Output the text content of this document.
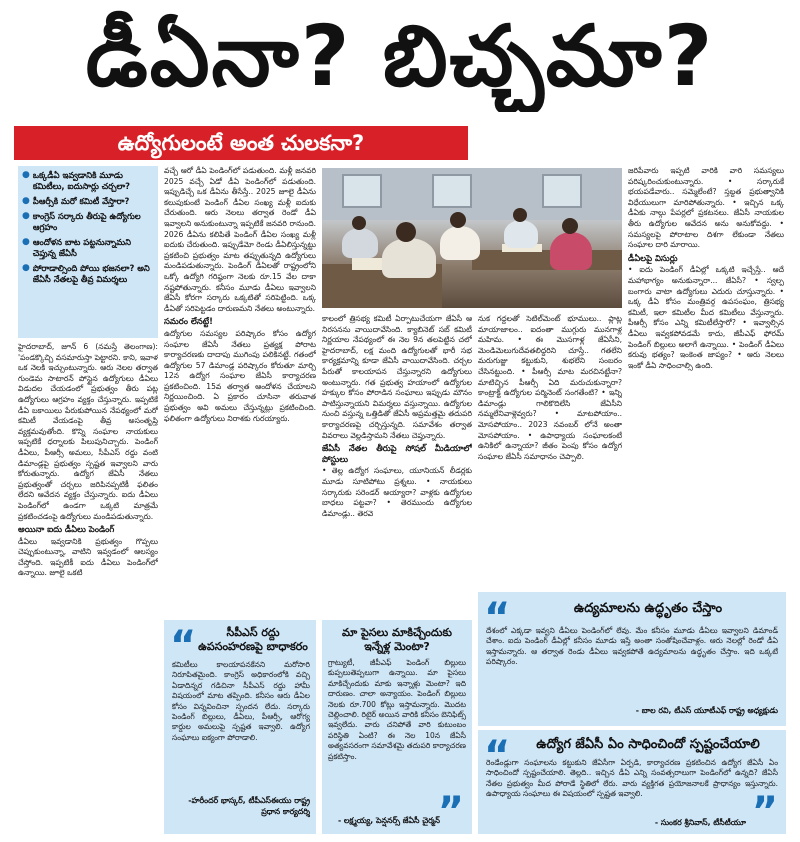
డీఏనా? బిచ్చమా?
ఉద్యోగులంటే అంత చులకనా?
● ఒక్కడీఏ ఇవ్వడానికి మూడు కమిటీలు, ఐదుసార్లు చర్చలా?
● పీఆర్సీకి మరో కమిటీ వేస్తారా?
● కాంగ్రెస్ సర్కారు తీరుపై ఉద్యోగుల ఆగ్రహం
● ఆందోళన బాట పట్టనున్నామని చెప్తున్న జేఏసీ
● పోరాడాల్సింది పోయి భజనలా? అని జేఏసీ నేతలపై తీవ్ర విమర్శలు

హైదరాబాద్, జూన్ 6 (నమస్తే తెలంగాణ): 'పండక్కొచ్చి వసమారుస్తా పెట్టారని. కాని, ఇవాళ ఒక నెలకి ఇచ్చుంటున్నారు. ఆరు నెలల తర్వాత గుండెమ సాటారన్ పోస్టైన ఉద్యోగులు డీఏలు విడుదల చేయడంలో ప్రభుత్వం తీరు పట్ల ఉద్యోగులు ఆగ్రహం వ్యక్తం చేస్తున్నారు. ఇప్పటికే డీఏ బకాయిలు పేరుకుపోయిన నేపథ్యంలో మరో కమిటీ వేయడంపై తీవ్ర అసంతృప్తి వ్యక్తమవుతోంది. కొన్ని సంఘాల నాయకులు ఇప్పటికే ధర్నాలకు పిలుపునిచ్చారు. పెండింగ్ డీఏలు, పీఆర్సీ అమలు, సీపీఎస్ రద్దు వంటి డిమాండ్లపై ప్రభుత్వం స్పష్టత ఇవ్వాలని వారు కోరుతున్నారు. ఉద్యోగ జేఏసీ నేతలు ప్రభుత్వంతో చర్చలు జరిపినప్పటికీ ఫలితం లేదని ఆవేదన వ్యక్తం చేస్తున్నారు. ఐదు డీఏలు పెండింగ్‌లో ఉండగా ఒక్కటి మాత్రమే ప్రకటించడంపై ఉద్యోగులు మండిపడుతున్నారు.

అయినా ఐదు డీఏలు పెండింగ్

డీఏలు ఇవ్వడానికి ప్రభుత్వం గొప్పలు చెప్పుకుంటున్నా, వాటిని ఇవ్వడంలో ఆలస్యం చేస్తోంది. ఇప్పటికీ ఐదు డీఏలు పెండింగ్‌లో ఉన్నాయి. జూలై ఒకటి

వచ్చే ఆరో డీఏ పెండింగ్‌లో పడుతుంది. మళ్లీ జనవరి 2025 వచ్చే ఏడో డీఏ పెండింగ్‌లో పడుతుంది. ఇప్పుడిచ్చే ఒక డీఏను తీసేస్తే.. 2025 జూలై డీఏను కలుపుకుంటే పెండింగ్ డీఏల సంఖ్య మళ్లీ ఐదుకు చేరుతుంది. ఆరు నెలలు తర్వాత రెండో డీఏ ఇవ్వాలని అనుకుంటున్నా ఇప్పటికే జనవరి రానుంది. 2026 డీఏను కలిపితే పెండింగ్ డీఏల సంఖ్య మళ్లీ ఐదుకు చేరుతుంది. ఇప్పుడేమో రెండు డీఏలిస్తున్నట్టు ప్రకటించి ప్రభుత్వం మాట తప్పుతున్నది ఉద్యోగులు మండిపడుతున్నారు. పెండింగ్ డీఏలతో రాష్ట్రంలోని ఒక్కో ఉద్యోగి గరిష్ఠంగా నెలకు రూ.15 వేల దాకా నష్టపోతున్నారు. కనీసం మూడు డీఏలు ఇవ్వాలని జేఏసీ కోరగా సర్కారు ఒక్కటితో సరిపెట్టింది. ఒక్క డీఏతో సరిపెట్టడం దారుణమని నేతలు అంటున్నారు.

సమరం లేనట్టే!

ఉద్యోగుల సమస్యల పరిష్కారం కోసం ఉద్యోగ సంఘాల జేఏసీ నేతలు ప్రత్యక్ష పోరాట కార్యాచరణకు దాదాపు ముగింపు పలికినట్టే. గతంలో ఉద్యోగుల 57 డిమాండ్ల పరిష్కారం కోరుతూ మార్చి 12న ఉద్యోగ సంఘాల జేఏసీ కార్యాచరణ ప్రకటించింది. 15వ తర్వాత ఆందోళన చేయాలని నిర్ణయించింది. ఏ ప్రకారం చూసినా తరువాత ప్రభుత్వం అవి అమలు చేస్తున్నట్లు ప్రకటించింది. ఫలితంగా ఉద్యోగులు నిరాశకు గురయ్యారు.

కాలంలో త్రిసభ్య కమిటీ ఏర్పాటుచేయగా జేఏసీ ఆ నిరసనను వాయిదావేసింది. క్యాబినెట్ సబ్ కమిటీ నిర్ణయాల నేపథ్యంలో ఈ నెల 9న తలపెట్టిన చలో హైదరాబాద్, లక్ష మంది ఉద్యోగులతో భారీ సభ కార్యక్రమాన్ని కూడా జేఏసీ వాయిదావేసింది. చర్చల పేరుతో కాలయాపన చేస్తున్నారని ఉద్యోగులు అంటున్నారు. గత ప్రభుత్వ హయాంలో ఉద్యోగుల హక్కుల కోసం పోరాడిన సంఘాలు ఇప్పుడు మౌనం పాటిస్తున్నాయని విమర్శలు వస్తున్నాయి. ఉద్యోగుల నుంచి వస్తున్న ఒత్తిడితో జేఏసీ అప్రమత్తమై తదుపరి కార్యాచరణపై చర్చిస్తున్నది. సమావేశం తర్వాత వివరాలు వెల్లడిస్తామని నేతలు చెప్తున్నారు.

జేఏసీ నేతల తీరుపై సోషల్ మీడియాలో పోస్టులు

• తెల్ల ఉద్యోగ సంఘాలు, యూనియన్‌ లీడర్లకు మూడు సూటిపోటు ప్రశ్నలు. • నాయకులు సర్కారుకు సరెండర్ అయ్యారా? వాళ్లకు ఉద్యోగుల బాధలు పట్టవా? • తెరముందు ఉద్యోగుల డిమాండ్లు.. తెరవె

నుక గద్దలతో సెటిల్‌మెంట్ భూములు.. ప్లాట్ల మాయాజాలం.. ఐదంతా ముగ్గురు మునగాళ్ల మహిమ. • ఈ మొసగాళ్ల జేఏసీని, మెండిమెలుగుదేవతలిద్దరిని చూస్తే.. గతలేని మరుగుజ్జు కట్టుకుని, శుభలేని సంబరం చేసినట్టుంది. • పీఆర్సీ మాట మరచినట్టేనా? మాటిచ్చిన పీఆర్సీ ఏది మరుచుకున్నారా? కాంట్రాక్ట్ ఉద్యోగుల పర్మినెంట్ సంగతేంటి? • ఇన్ని డిమాండ్లు గాలికొదిలేసి జేఏసీని నమ్మలేనివాళ్లెవ్వరు? • మాటపోయాం.. మోసపోయాం.. 2023 నవంబర్ లోనే అంతా మోసపోయాం. • ఉపాధ్యాయ సంఘాలకంటే ఉనికిలో ఉన్నాయా? జీతం పెంపు కోసం ఉద్యోగ సంఘాల జేఏసీ సమాధానం చెప్పాలి.

జరిపేవారు ఇప్పటి వారికి వారి సమస్యలు పరిష్కరించుకుంటున్నారు. • సర్కారుకే భయపడేవారు.. సమ్మెలేంటే? స్తబ్దత ప్రభుత్వానికి విధేయులుగా మారిపోతున్నారు. • ఇచ్చిన ఒక్క డీఏకు నాల్గు పేపర్లలో ప్రకటనలు. జేఏసీ నాయకుల తీరు ఉద్యోగుల ఆవేదన అను అనుకోవద్దు. • సమస్యలపై పోరాటాల దిశగా లేకుండా నేతలు సంఘాల దారి మారాయి.

డీఏలపై విసుర్లు

• ఐదు పెండింగ్ డీఏల్లో ఒక్కటి ఇచ్చేస్తే.. ఆదే మహాభాగ్యం అనుకున్నారా... జేఏసీ? • స్వల్ప బంగారు వాటా ఉద్యోగులు ఎదురు చూస్తున్నారు. • ఒక్క డీఏ కోసం మంత్రివర్గ ఉపసంఘం, త్రిసభ్య కమిటీ, ఇలా కమిటీల మీద కమిటీలు వేస్తున్నారు. పీఆర్సీ కోసం ఎన్ని కమిటీలేస్తారో? • ఇవ్వాల్సిన డీఏలు ఇవ్వకపోవడమే కాదు, జీపీఎఫ్ ఫోరమ్ పెండింగ్ బిల్లులు అలాగే ఉన్నాయి. • పెండింగ్ డీఏలు కరువు భత్యం? ఇంకెంత జాప్యం? • ఆరు నెలలు ఇంకో డీఏ సాధించాల్సి ఉంది.

“	సీపీఎస్ రద్దు ఉపసంహరణపై బాధాకరం
కమిటీలు కాలయాపనకేనని మరోసారి నిరూపితమైంది. కాంగ్రెస్ అధికారంలోకి వచ్చి ఏడాదిన్నర గడిచినా సీపీఎస్ రద్దు హామీ విషయంలో మాట తప్పింది. కనీసం ఆరు డీఏల కోసం విన్నవించినా స్పందన లేదు. సర్కారు పెండింగ్ బిల్లులు, డీఏలు, పీఆర్సీ, ఆరోగ్య కార్డుల అమలుపై స్పష్టత ఇవ్వాలి. ఉద్యోగ సంఘాలు ఐక్యంగా పోరాడాలి.
-హరీందర్ భాస్కర్, టీపీఎస్ఈయు రాష్ట్ర ప్రధాన కార్యదర్శి
మా పైసలు మాకిచ్చేందుకు ఇన్నేళ్ల మెంటా?
గ్రాట్యుటీ, జీపీఎఫ్ పెండింగ్ బిల్లులు కుప్పలుతెప్పలుగా ఉన్నాయి. మా పైసలు మాకిచ్చేందుకు మాకు ఇన్నాళ్లు మెంటా? ఇది దారుణం. చాలా అన్యాయం. పెండింగ్ బిల్లులు నెలకు రూ.700 కోట్లు ఇస్తామన్నారు. మొదట చెల్లించాలి. రిటైర్ అయిన వారికి కనీసం బెనిఫిట్స్ ఇవ్వలేదు. వారు చనిపోతే వారి కుటుంబం పరిస్థితి ఏంటి? ఈ నెల 10న జేఏసీ అత్యవసరంగా సమావేశమై తదుపరి కార్యాచరణ ప్రకటిస్తాం.
- లక్ష్మయ్య, పెన్షనర్స్ జేఏసీ చైర్మన్
”
“	ఉద్యమాలను ఉద్ధృతం చేస్తాం
దేశంలో ఎక్కడా ఇవ్వని డీఏలు పెండింగ్‌లో లేవు. మేం కనీసం మూడు డీఏలు ఇవ్వాలని డిమాండ్ చేశాం. ఐదు పెండింగ్ డీఏల్లో కనీసం మూడు ఇస్తే అంతా సంతోషించేవాళ్లం. ఆరు నెలల్లో రెండో డీఏ ఇస్తామన్నారు. ఆ తర్వాత రెండు డీఏలు ఇవ్వకపోతే ఉద్యమాలను ఉద్ధృతం చేస్తాం. ఇది ఒక్కటే పరిష్కారం.
- బాల రవి, టీఎస్ యూటీఎఫ్ రాష్ట్ర అధ్యక్షుడు
“	ఉద్యోగ జేఏసీ ఏం సాధించిందో స్పష్టంచేయాలి
రెండేండ్లుగా సంఘాలను కట్టుకుని జేఏసీగా ఏర్పడి, కార్యాచరణ ప్రకటించిన ఉద్యోగ జేఏసీ ఏం సాధించిందో స్పష్టంచేయాలి. తెల్లది.. ఇచ్చిన డీఏ ఎన్ని సంవత్సరాలుగా పెండింగ్‌లో ఉన్నది? జేఏసీ నేతల ప్రభుత్వం మీద పోరాడే స్థితిలో లేరు. వారు వ్యక్తిగత ప్రయోజనాలకే ప్రాధాన్యం ఇస్తున్నారు. ఉపాధ్యాయ సంఘాలు ఈ విషయంలో స్పష్టత ఇవ్వాలి.
- సుంకర శ్రీనివాస్, టీసీటీయూ ”
